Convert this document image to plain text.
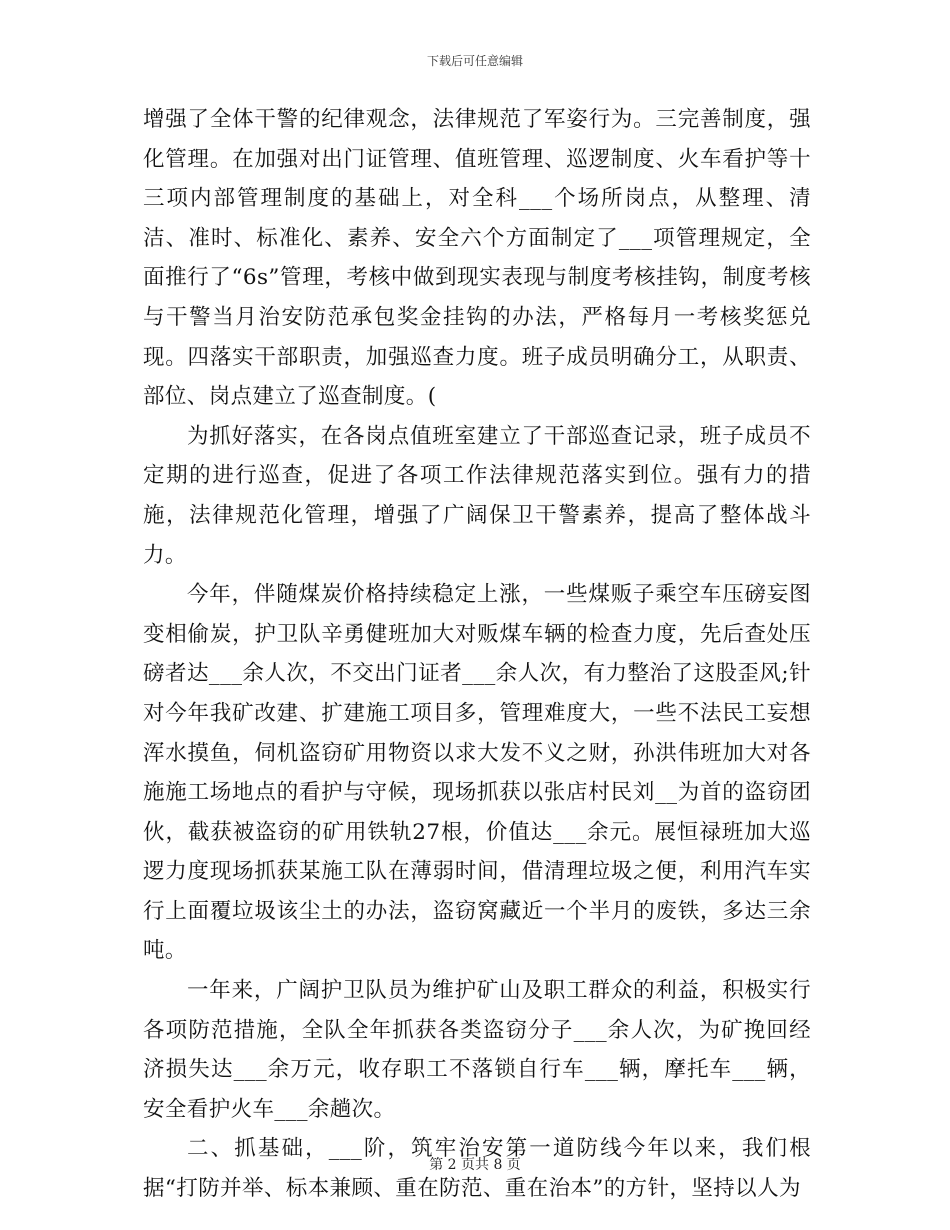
下载后可任意编辑

增强了全体干警的纪律观念，法律规范了军姿行为。三完善制度，强化管理。在加强对出门证管理、值班管理、巡逻制度、火车看护等十三项内部管理制度的基础上，对全科___个场所岗点，从整理、清洁、准时、标准化、素养、安全六个方面制定了___项管理规定，全面推行了“6s”管理，考核中做到现实表现与制度考核挂钩，制度考核与干警当月治安防范承包奖金挂钩的办法，严格每月一考核奖惩兑现。四落实干部职责，加强巡查力度。班子成员明确分工，从职责、部位、岗点建立了巡查制度。(

为抓好落实，在各岗点值班室建立了干部巡查记录，班子成员不定期的进行巡查，促进了各项工作法律规范落实到位。强有力的措施，法律规范化管理，增强了广阔保卫干警素养，提高了整体战斗力。

今年，伴随煤炭价格持续稳定上涨，一些煤贩子乘空车压磅妄图变相偷炭，护卫队辛勇健班加大对贩煤车辆的检查力度，先后查处压磅者达___余人次，不交出门证者___余人次，有力整治了这股歪风;针对今年我矿改建、扩建施工项目多，管理难度大，一些不法民工妄想浑水摸鱼，伺机盗窃矿用物资以求大发不义之财，孙洪伟班加大对各施施工场地点的看护与守候，现场抓获以张店村民刘__为首的盗窃团伙，截获被盗窃的矿用铁轨27根，价值达___余元。展恒禄班加大巡逻力度现场抓获某施工队在薄弱时间，借清理垃圾之便，利用汽车实行上面覆垃圾该尘土的办法，盗窃窝藏近一个半月的废铁，多达三余吨。

一年来，广阔护卫队员为维护矿山及职工群众的利益，积极实行各项防范措施，全队全年抓获各类盗窃分子___余人次，为矿挽回经济损失达___余万元，收存职工不落锁自行车___辆，摩托车___辆，安全看护火车___余趟次。

二、抓基础，___阶，筑牢治安第一道防线今年以来，我们根据“打防并举、标本兼顾、重在防范、重在治本”的方针，坚持以人为

第 2 页共 8 页
